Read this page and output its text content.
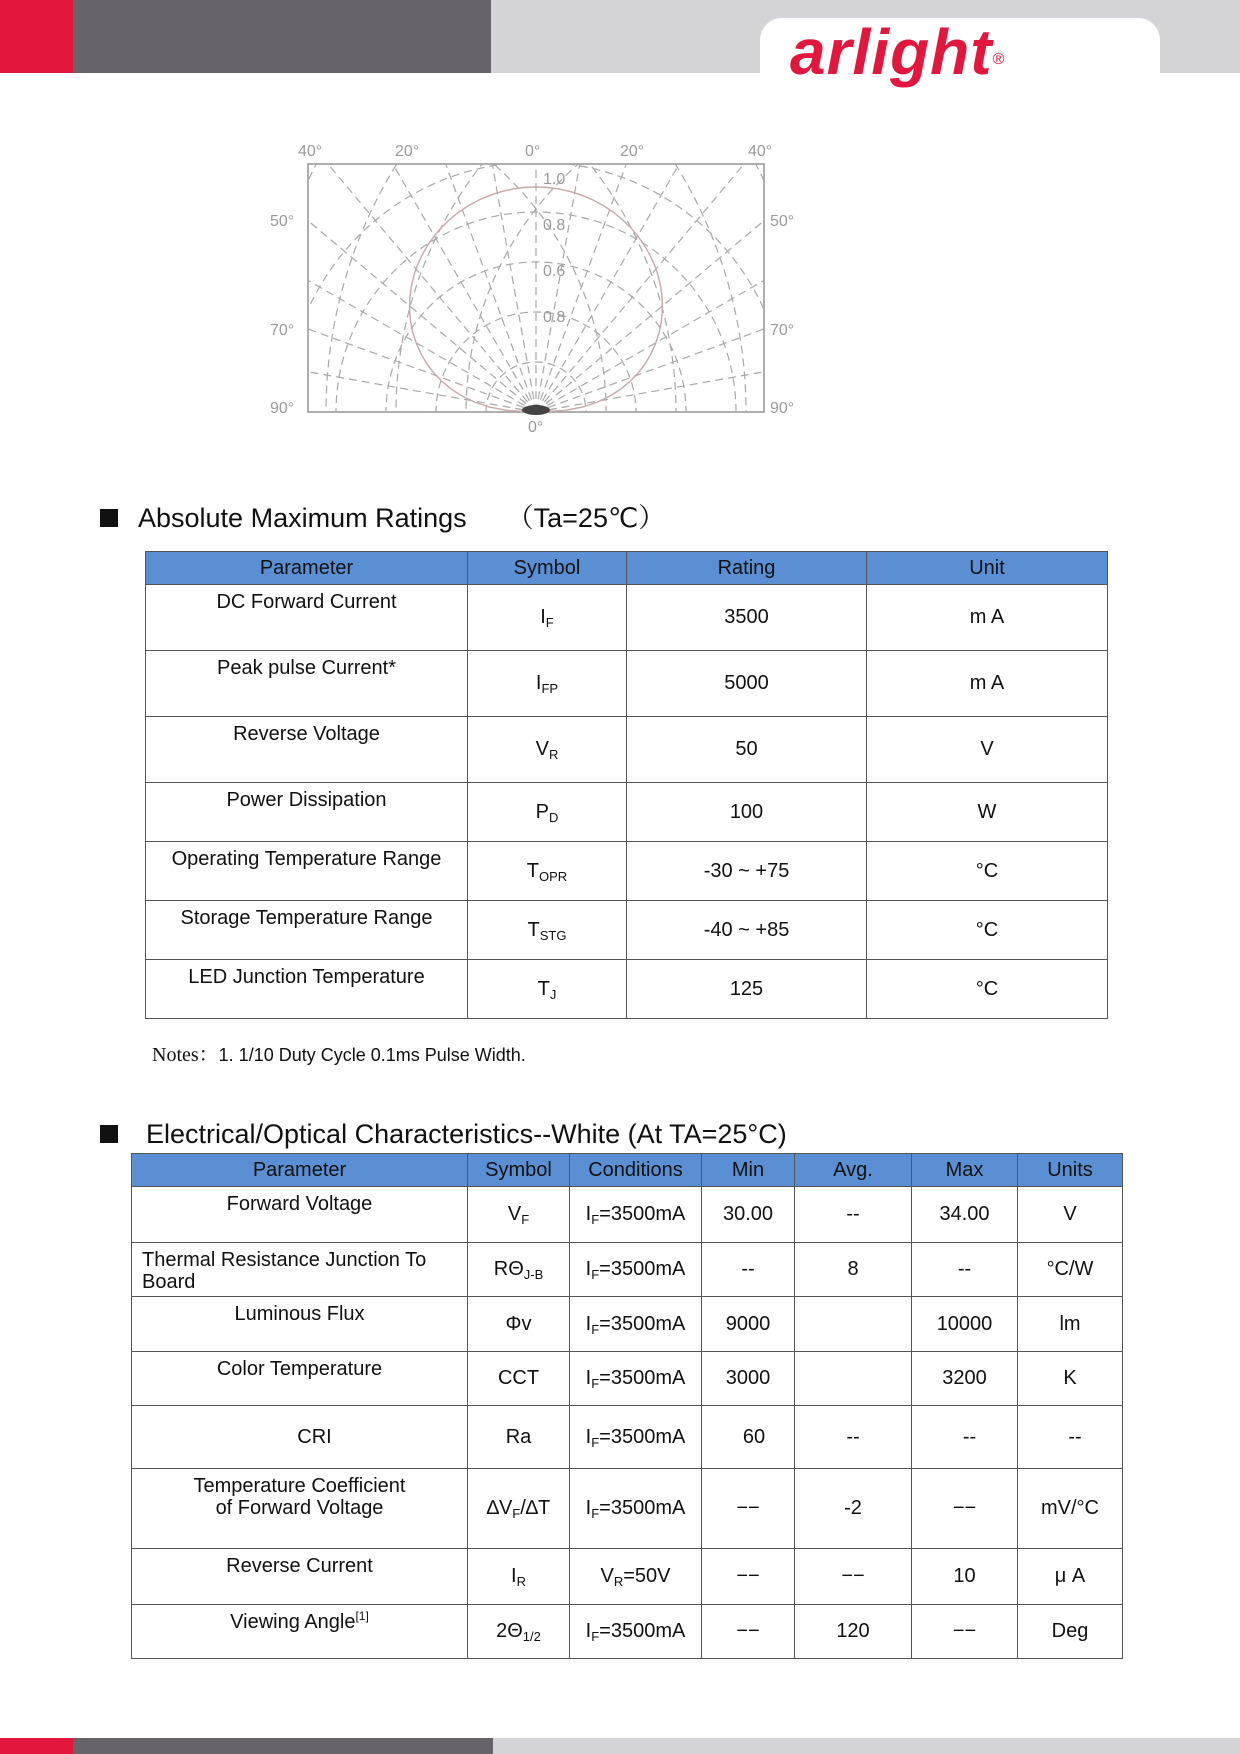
arlight®
40°	20°	0°	20°	40°
50°
70°
90°
50°
70°
90°
0°
1.0
0.8
0.6
0.8
Absolute Maximum Ratings （Ta=25℃）
Parameter	Symbol	Rating	Unit
DC Forward Current	$I_F$	3500	m A
Peak pulse Current*	$I_{FP}$	5000	m A
Reverse Voltage	$V_R$	50	V
Power Dissipation	$P_D$	100	W
Operating Temperature Range	$T_{OPR}$	-30 ~ +75	°C
Storage Temperature Range	$T_{STG}$	-40 ~ +85	°C
LED Junction Temperature	$T_J$	125	°C
Notes：1. 1/10 Duty Cycle 0.1ms Pulse Width.
Electrical/Optical Characteristics--White (At TA=25°C)
Parameter	Symbol	Conditions	Min	Avg.	Max	Units
Forward Voltage	$V_F$	$I_F=3500mA$	30.00	--	34.00	V
Thermal Resistance Junction To Board	$R\Theta_{J-B}$	$I_F=3500mA$	--	8	--	°C/W
Luminous Flux	Φv	$I_F=3500mA$	9000		10000	lm
Color Temperature	CCT	$I_F=3500mA$	3000		3200	K
CRI	Ra	$I_F=3500mA$	60	--	--	--
Temperature Coefficient of Forward Voltage	$\Delta V_F/\Delta T$	$I_F=3500mA$	−−	-2	−−	mV/°C
Reverse Current	$I_R$	$V_R=50V$	−−	−−	10	μ A
Viewing Angle[1]	$2\Theta_{1/2}$	$I_F=3500mA$	−−	120	−−	Deg
